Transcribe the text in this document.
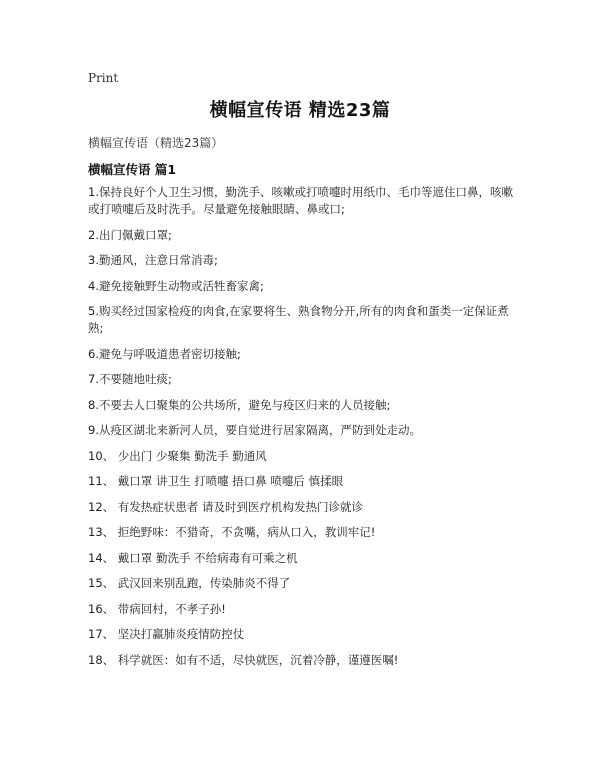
Print
横幅宣传语 精选23篇
横幅宣传语（精选23篇）
横幅宣传语 篇1
1.保持良好个人卫生习惯，勤洗手、咳嗽或打喷嚏时用纸巾、毛巾等遮住口鼻，咳嗽或打喷嚏后及时洗手。尽量避免接触眼睛、鼻或口;
2.出门佩戴口罩;
3.勤通风，注意日常消毒;
4.避免接触野生动物或活牲畜家禽;
5.购买经过国家检疫的肉食,在家要将生、熟食物分开,所有的肉食和蛋类一定保证煮熟;
6.避免与呼吸道患者密切接触;
7.不要随地吐痰;
8.不要去人口聚集的公共场所，避免与疫区归来的人员接触;
9.从疫区湖北来新河人员，要自觉进行居家隔离，严防到处走动。
10、 少出门 少聚集 勤洗手 勤通风
11、 戴口罩 讲卫生 打喷嚏 捂口鼻 喷嚏后 慎揉眼
12、 有发热症状患者 请及时到医疗机构发热门诊就诊
13、 拒绝野味：不猎奇，不贪嘴，病从口入，教训牢记!
14、 戴口罩 勤洗手 不给病毒有可乘之机
15、 武汉回来别乱跑，传染肺炎不得了
16、 带病回村，不孝子孙!
17、 坚决打赢肺炎疫情防控仗
18、 科学就医：如有不适，尽快就医，沉着冷静，谨遵医嘱!
